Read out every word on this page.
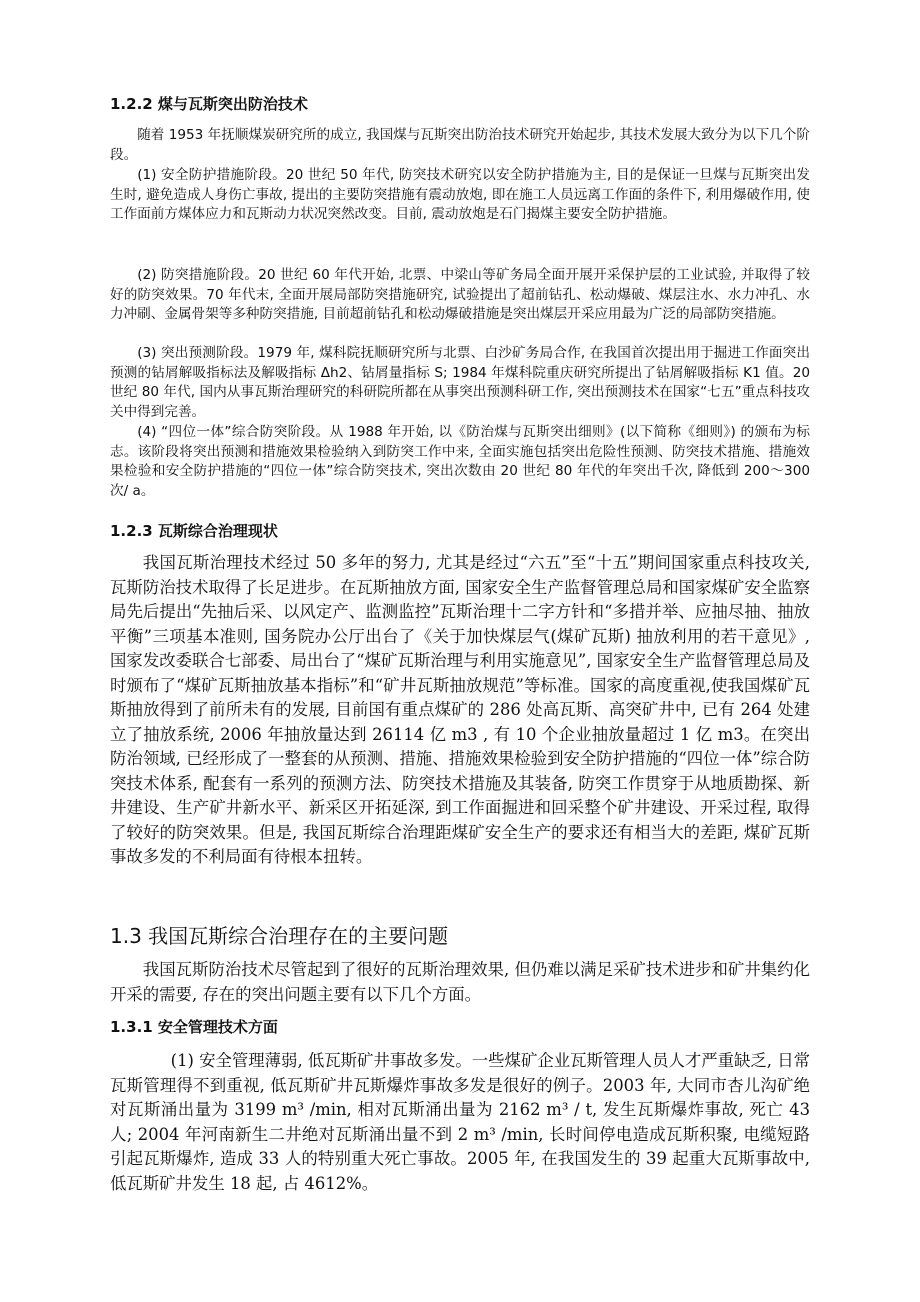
1.2.2 煤与瓦斯突出防治技术

随着 1953 年抚顺煤炭研究所的成立, 我国煤与瓦斯突出防治技术研究开始起步, 其技术发展大致分为以下几个阶段。

(1) 安全防护措施阶段。20 世纪 50 年代, 防突技术研究以安全防护措施为主, 目的是保证一旦煤与瓦斯突出发生时, 避免造成人身伤亡事故, 提出的主要防突措施有震动放炮, 即在施工人员远离工作面的条件下, 利用爆破作用, 使工作面前方煤体应力和瓦斯动力状况突然改变。目前, 震动放炮是石门揭煤主要安全防护措施。

(2) 防突措施阶段。20 世纪 60 年代开始, 北票、中梁山等矿务局全面开展开采保护层的工业试验, 并取得了较好的防突效果。70 年代末, 全面开展局部防突措施研究, 试验提出了超前钻孔、松动爆破、煤层注水、水力冲孔、水力冲刷、金属骨架等多种防突措施, 目前超前钻孔和松动爆破措施是突出煤层开采应用最为广泛的局部防突措施。

(3) 突出预测阶段。1979 年, 煤科院抚顺研究所与北票、白沙矿务局合作, 在我国首次提出用于掘进工作面突出预测的钻屑解吸指标法及解吸指标 Δh2、钻屑量指标 S; 1984 年煤科院重庆研究所提出了钻屑解吸指标 K1 值。20 世纪 80 年代, 国内从事瓦斯治理研究的科研院所都在从事突出预测科研工作, 突出预测技术在国家“七五”重点科技攻关中得到完善。

(4) “四位一体”综合防突阶段。从 1988 年开始, 以《防治煤与瓦斯突出细则》(以下简称《细则》) 的颁布为标志。该阶段将突出预测和措施效果检验纳入到防突工作中来, 全面实施包括突出危险性预测、防突技术措施、措施效果检验和安全防护措施的“四位一体”综合防突技术, 突出次数由 20 世纪 80 年代的年突出千次, 降低到 200～300 次/ a。

1.2.3 瓦斯综合治理现状

我国瓦斯治理技术经过 50 多年的努力, 尤其是经过“六五”至“十五”期间国家重点科技攻关, 瓦斯防治技术取得了长足进步。在瓦斯抽放方面, 国家安全生产监督管理总局和国家煤矿安全监察局先后提出“先抽后采、以风定产、监测监控”瓦斯治理十二字方针和“多措并举、应抽尽抽、抽放平衡”三项基本准则, 国务院办公厅出台了《关于加快煤层气(煤矿瓦斯) 抽放利用的若干意见》, 国家发改委联合七部委、局出台了“煤矿瓦斯治理与利用实施意见”, 国家安全生产监督管理总局及时颁布了“煤矿瓦斯抽放基本指标”和“矿井瓦斯抽放规范”等标准。国家的高度重视,使我国煤矿瓦斯抽放得到了前所未有的发展, 目前国有重点煤矿的 286 处高瓦斯、高突矿井中, 已有 264 处建立了抽放系统, 2006 年抽放量达到 26114 亿 m3 , 有 10 个企业抽放量超过 1 亿 m3。在突出防治领域, 已经形成了一整套的从预测、措施、措施效果检验到安全防护措施的“四位一体”综合防突技术体系, 配套有一系列的预测方法、防突技术措施及其装备, 防突工作贯穿于从地质勘探、新井建设、生产矿井新水平、新采区开拓延深, 到工作面掘进和回采整个矿井建设、开采过程, 取得了较好的防突效果。但是, 我国瓦斯综合治理距煤矿安全生产的要求还有相当大的差距, 煤矿瓦斯事故多发的不利局面有待根本扭转。

1.3 我国瓦斯综合治理存在的主要问题

我国瓦斯防治技术尽管起到了很好的瓦斯治理效果, 但仍难以满足采矿技术进步和矿井集约化开采的需要, 存在的突出问题主要有以下几个方面。

1.3.1 安全管理技术方面

(1) 安全管理薄弱, 低瓦斯矿井事故多发。一些煤矿企业瓦斯管理人员人才严重缺乏, 日常瓦斯管理得不到重视, 低瓦斯矿井瓦斯爆炸事故多发是很好的例子。2003 年, 大同市杏儿沟矿绝对瓦斯涌出量为 3199 m³ /min, 相对瓦斯涌出量为 2162 m³ / t, 发生瓦斯爆炸事故, 死亡 43 人; 2004 年河南新生二井绝对瓦斯涌出量不到 2 m³ /min, 长时间停电造成瓦斯积聚, 电缆短路引起瓦斯爆炸, 造成 33 人的特别重大死亡事故。2005 年, 在我国发生的 39 起重大瓦斯事故中, 低瓦斯矿井发生 18 起, 占 4612%。
